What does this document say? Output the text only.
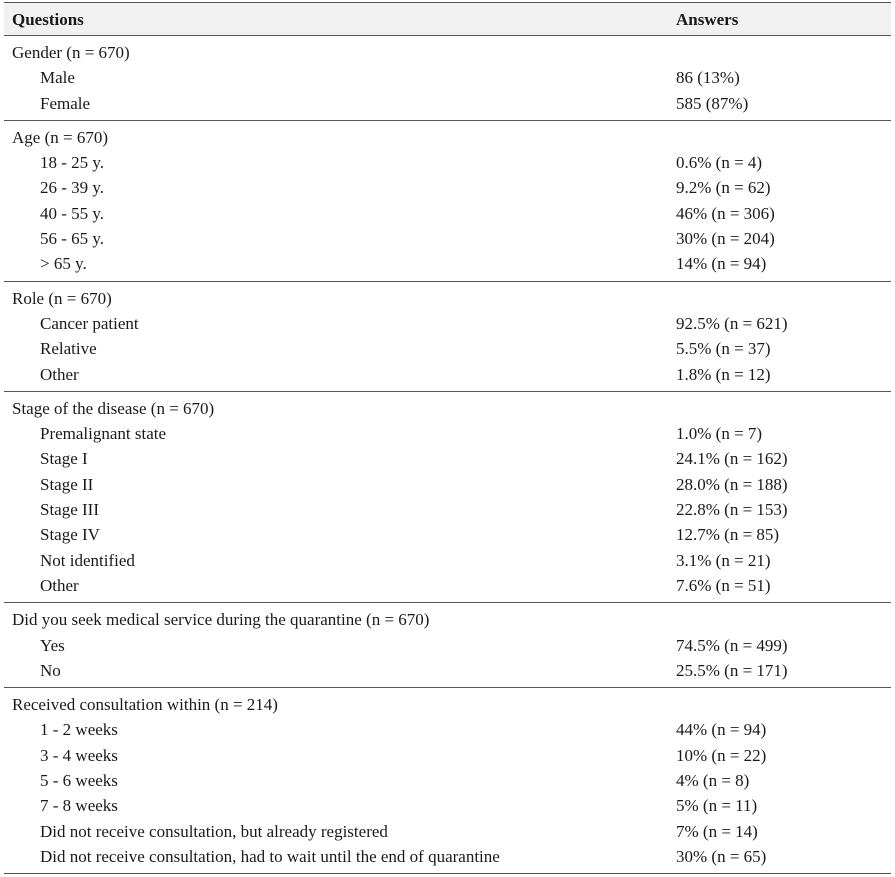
Questions	Answers
Gender (n = 670)
Male	86 (13%)
Female	585 (87%)
Age (n = 670)
18 - 25 y.	0.6% (n = 4)
26 - 39 y.	9.2% (n = 62)
40 - 55 y.	46% (n = 306)
56 - 65 y.	30% (n = 204)
> 65 y.	14% (n = 94)
Role (n = 670)
Cancer patient	92.5% (n = 621)
Relative	5.5% (n = 37)
Other	1.8% (n = 12)
Stage of the disease (n = 670)
Premalignant state	1.0% (n = 7)
Stage I	24.1% (n = 162)
Stage II	28.0% (n = 188)
Stage III	22.8% (n = 153)
Stage IV	12.7% (n = 85)
Not identified	3.1% (n = 21)
Other	7.6% (n = 51)
Did you seek medical service during the quarantine (n = 670)
Yes	74.5% (n = 499)
No	25.5% (n = 171)
Received consultation within (n = 214)
1 - 2 weeks	44% (n = 94)
3 - 4 weeks	10% (n = 22)
5 - 6 weeks	4% (n = 8)
7 - 8 weeks	5% (n = 11)
Did not receive consultation, but already registered	7% (n = 14)
Did not receive consultation, had to wait until the end of quarantine	30% (n = 65)
